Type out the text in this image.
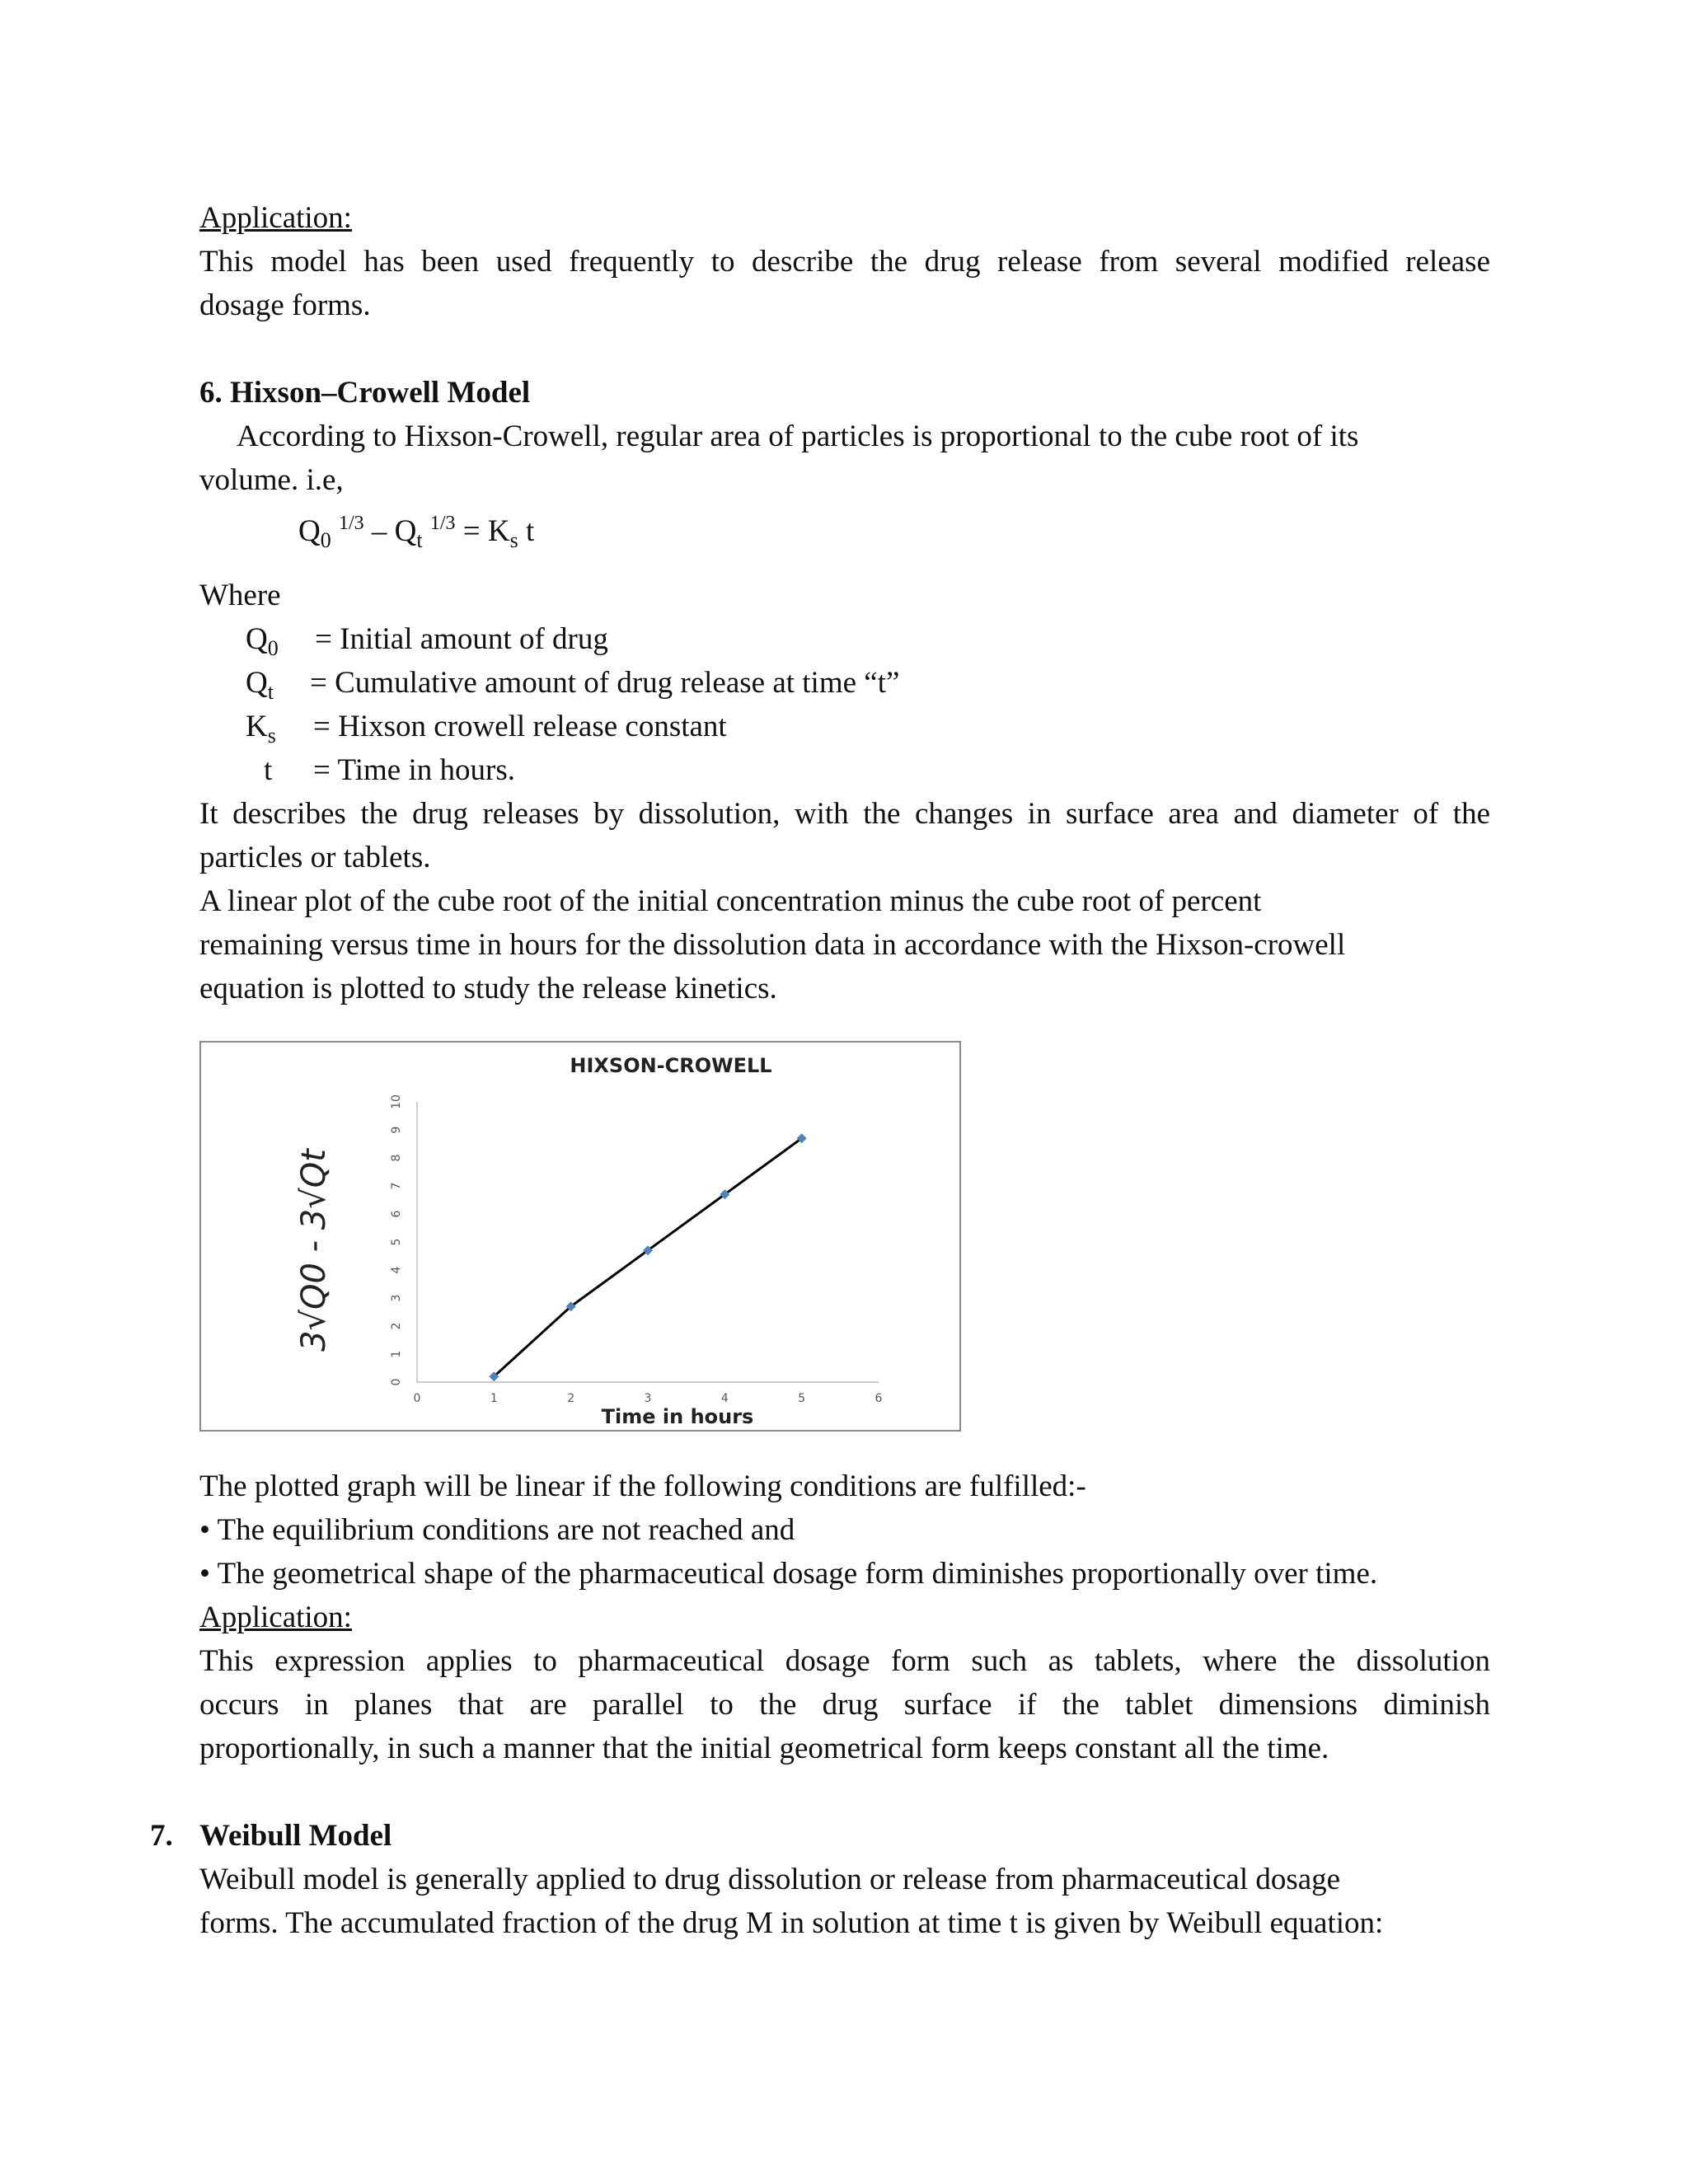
Application:
This model has been used frequently to describe the drug release from several modified release
dosage forms.
6. Hixson–Crowell Model
According to Hixson-Crowell, regular area of particles is proportional to the cube root of its
volume. i.e,
$Q_0$ $^{1/3} - Q_t$ $^{1/3} = K_s$ t
Where
$Q_0$ = Initial amount of drug
$Q_t$ = Cumulative amount of drug release at time “t”
$K_s$ = Hixson crowell release constant
t = Time in hours.
It describes the drug releases by dissolution, with the changes in surface area and diameter of the
particles or tablets.
A linear plot of the cube root of the initial concentration minus the cube root of percent
remaining versus time in hours for the dissolution data in accordance with the Hixson-crowell
equation is plotted to study the release kinetics.
HIXSON-CROWELL
3√Q0 - 3√Qt
Time in hours
0
1
2
3
4
5
6
7
8
9
10
0	1	2	3	4	5	6
The plotted graph will be linear if the following conditions are fulfilled:-
• The equilibrium conditions are not reached and
• The geometrical shape of the pharmaceutical dosage form diminishes proportionally over time.
Application:
This expression applies to pharmaceutical dosage form such as tablets, where the dissolution
occurs in planes that are parallel to the drug surface if the tablet dimensions diminish
proportionally, in such a manner that the initial geometrical form keeps constant all the time.
7. Weibull Model
Weibull model is generally applied to drug dissolution or release from pharmaceutical dosage
forms. The accumulated fraction of the drug M in solution at time t is given by Weibull equation:
